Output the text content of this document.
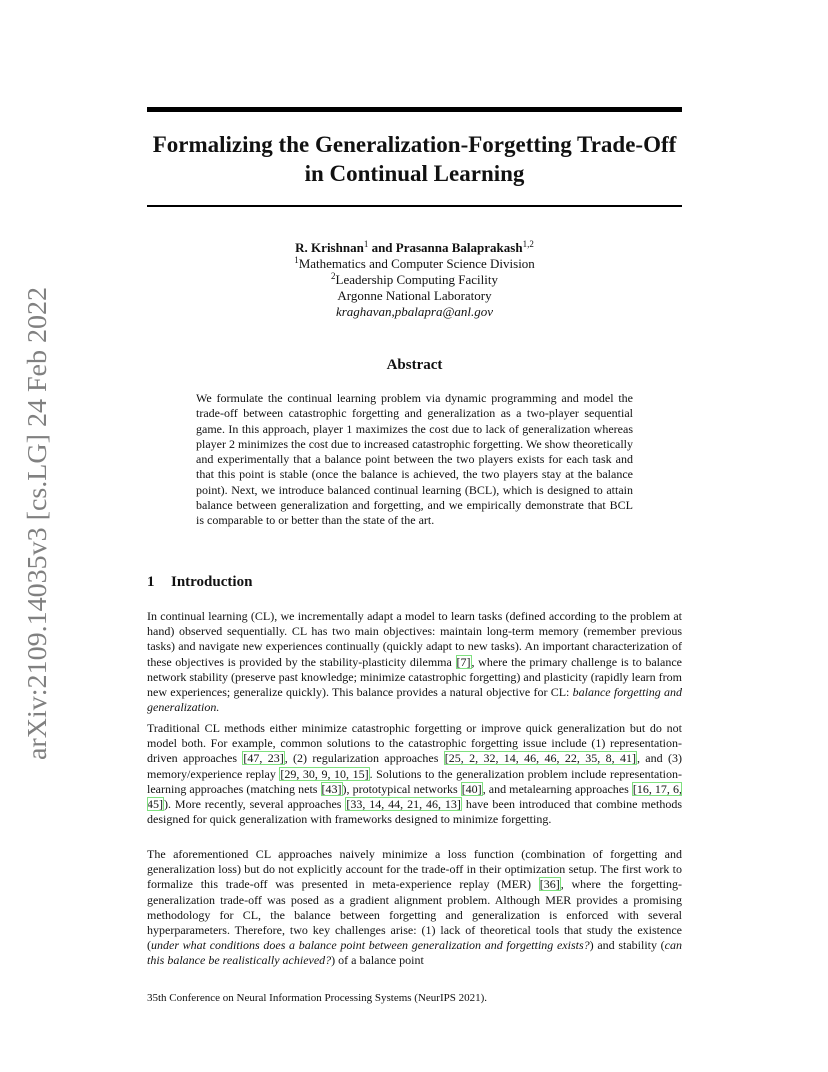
arXiv:2109.14035v3 [cs.LG] 24 Feb 2022
Formalizing the Generalization-Forgetting Trade-Off
in Continual Learning
R. Krishnan$^1$ and Prasanna Balaprakash$^{1,2}$
$^1$Mathematics and Computer Science Division
$^2$Leadership Computing Facility
Argonne National Laboratory
kraghavan,pbalapra@anl.gov
Abstract
We formulate the continual learning problem via dynamic programming and model the trade-off between catastrophic forgetting and generalization as a two-player sequential game. In this approach, player 1 maximizes the cost due to lack of generalization whereas player 2 minimizes the cost due to increased catastrophic forgetting. We show theoretically and experimentally that a balance point between the two players exists for each task and that this point is stable (once the balance is achieved, the two players stay at the balance point). Next, we introduce balanced continual learning (BCL), which is designed to attain balance between generalization and forgetting, and we empirically demonstrate that BCL is comparable to or better than the state of the art.
1 Introduction
In continual learning (CL), we incrementally adapt a model to learn tasks (defined according to the problem at hand) observed sequentially. CL has two main objectives: maintain long-term memory (remember previous tasks) and navigate new experiences continually (quickly adapt to new tasks). An important characterization of these objectives is provided by the stability-plasticity dilemma [7], where the primary challenge is to balance network stability (preserve past knowledge; minimize catastrophic forgetting) and plasticity (rapidly learn from new experiences; generalize quickly). This balance provides a natural objective for CL: balance forgetting and generalization.
Traditional CL methods either minimize catastrophic forgetting or improve quick generalization but do not model both. For example, common solutions to the catastrophic forgetting issue include (1) representation-driven approaches [47, 23], (2) regularization approaches [25, 2, 32, 14, 46, 46, 22, 35, 8, 41], and (3) memory/experience replay [29, 30, 9, 10, 15]. Solutions to the generalization problem include representation-learning approaches (matching nets [43]), prototypical networks [40], and metalearning approaches [16, 17, 6, 45]). More recently, several approaches [33, 14, 44, 21, 46, 13] have been introduced that combine methods designed for quick generalization with frameworks designed to minimize forgetting.
The aforementioned CL approaches naively minimize a loss function (combination of forgetting and generalization loss) but do not explicitly account for the trade-off in their optimization setup. The first work to formalize this trade-off was presented in meta-experience replay (MER) [36], where the forgetting-generalization trade-off was posed as a gradient alignment problem. Although MER provides a promising methodology for CL, the balance between forgetting and generalization is enforced with several hyperparameters. Therefore, two key challenges arise: (1) lack of theoretical tools that study the existence (under what conditions does a balance point between generalization and forgetting exists?) and stability (can this balance be realistically achieved?) of a balance point
35th Conference on Neural Information Processing Systems (NeurIPS 2021).
